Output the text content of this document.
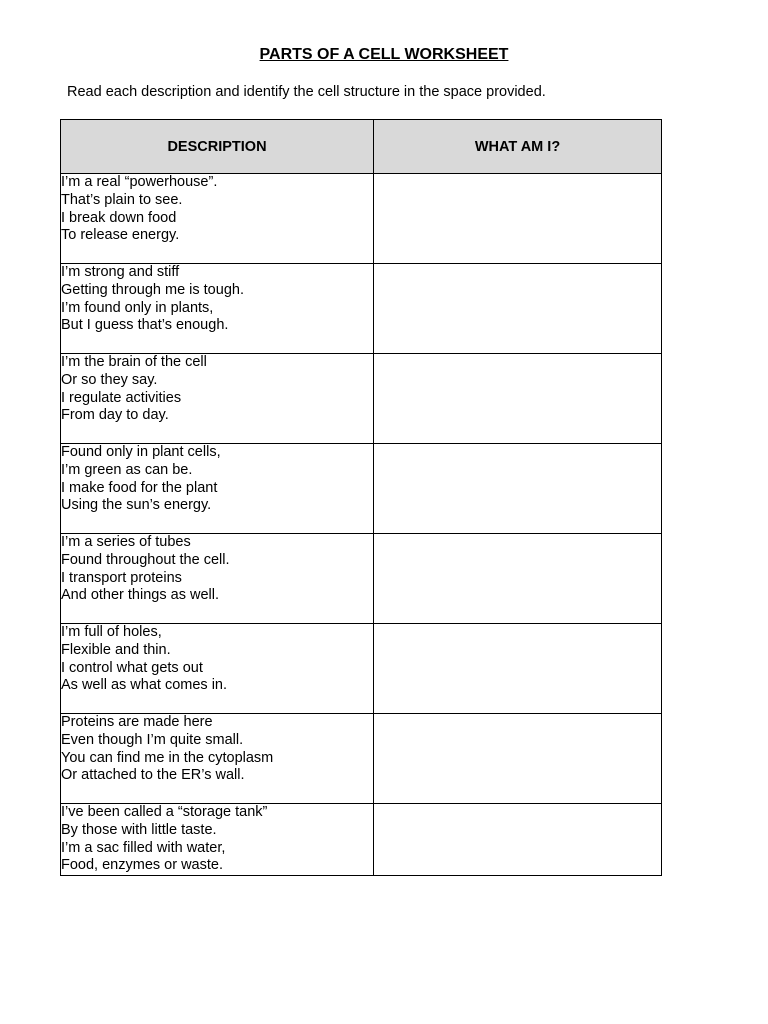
PARTS OF A CELL WORKSHEET
Read each description and identify the cell structure in the space provided.
DESCRIPTION	WHAT AM I?

I’m a real “powerhouse”.
That’s plain to see.
I break down food
To release energy.	

I’m strong and stiff
Getting through me is tough.
I’m found only in plants,
But I guess that’s enough.	

I’m the brain of the cell
Or so they say.
I regulate activities
From day to day.	

Found only in plant cells,
I’m green as can be.
I make food for the plant
Using the sun’s energy.	

I’m a series of tubes
Found throughout the cell.
I transport proteins
And other things as well.	

I’m full of holes,
Flexible and thin.
I control what gets out
As well as what comes in.	

Proteins are made here
Even though I’m quite small.
You can find me in the cytoplasm
Or attached to the ER’s wall.	

I’ve been called a “storage tank”
By those with little taste.
I’m a sac filled with water,
Food, enzymes or waste.	
